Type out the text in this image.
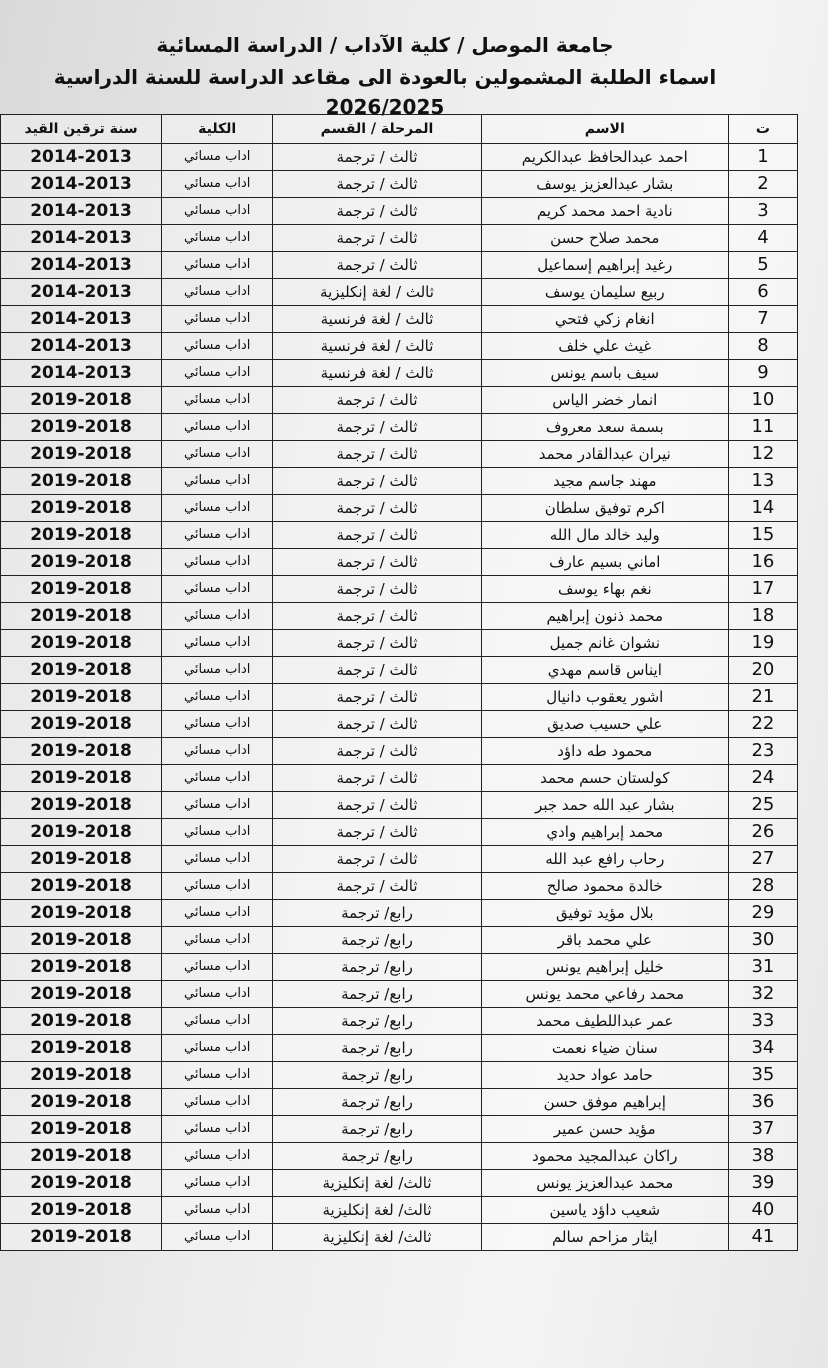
جامعة الموصل / كلية الآداب / الدراسة المسائية
اسماء الطلبة المشمولين بالعودة الى مقاعد الدراسة للسنة الدراسية 2026/2025
ت	الاسم	المرحلة / القسم	الكلية	سنة ترقين القيد
1	احمد عبدالحافظ عبدالكريم	ثالث / ترجمة	اداب مسائي	2014-2013
2	بشار عبدالعزيز يوسف	ثالث / ترجمة	اداب مسائي	2014-2013
3	نادية احمد محمد كريم	ثالث / ترجمة	اداب مسائي	2014-2013
4	محمد صلاح حسن	ثالث / ترجمة	اداب مسائي	2014-2013
5	رغيد إبراهيم إسماعيل	ثالث / ترجمة	اداب مسائي	2014-2013
6	ربيع سليمان يوسف	ثالث / لغة إنكليزية	اداب مسائي	2014-2013
7	انغام زكي فتحي	ثالث / لغة فرنسية	اداب مسائي	2014-2013
8	غيث علي خلف	ثالث / لغة فرنسية	اداب مسائي	2014-2013
9	سيف باسم يونس	ثالث / لغة فرنسية	اداب مسائي	2014-2013
10	انمار خضر الياس	ثالث / ترجمة	اداب مسائي	2019-2018
11	بسمة سعد معروف	ثالث / ترجمة	اداب مسائي	2019-2018
12	نيران عبدالقادر محمد	ثالث / ترجمة	اداب مسائي	2019-2018
13	مهند جاسم مجيد	ثالث / ترجمة	اداب مسائي	2019-2018
14	اكرم توفيق سلطان	ثالث / ترجمة	اداب مسائي	2019-2018
15	وليد خالد مال الله	ثالث / ترجمة	اداب مسائي	2019-2018
16	اماني بسيم عارف	ثالث / ترجمة	اداب مسائي	2019-2018
17	نغم بهاء يوسف	ثالث / ترجمة	اداب مسائي	2019-2018
18	محمد ذنون إبراهيم	ثالث / ترجمة	اداب مسائي	2019-2018
19	نشوان غانم جميل	ثالث / ترجمة	اداب مسائي	2019-2018
20	ايناس قاسم مهدي	ثالث / ترجمة	اداب مسائي	2019-2018
21	اشور يعقوب دانيال	ثالث / ترجمة	اداب مسائي	2019-2018
22	علي حسيب صديق	ثالث / ترجمة	اداب مسائي	2019-2018
23	محمود طه داؤد	ثالث / ترجمة	اداب مسائي	2019-2018
24	كولستان حسم محمد	ثالث / ترجمة	اداب مسائي	2019-2018
25	بشار عبد الله حمد جبر	ثالث / ترجمة	اداب مسائي	2019-2018
26	محمد إبراهيم وادي	ثالث / ترجمة	اداب مسائي	2019-2018
27	رحاب رافع عبد الله	ثالث / ترجمة	اداب مسائي	2019-2018
28	خالدة محمود صالح	ثالث / ترجمة	اداب مسائي	2019-2018
29	بلال مؤيد توفيق	رابع/ ترجمة	اداب مسائي	2019-2018
30	علي محمد باقر	رابع/ ترجمة	اداب مسائي	2019-2018
31	خليل إبراهيم يونس	رابع/ ترجمة	اداب مسائي	2019-2018
32	محمد رفاعي محمد يونس	رابع/ ترجمة	اداب مسائي	2019-2018
33	عمر عبداللطيف محمد	رابع/ ترجمة	اداب مسائي	2019-2018
34	سنان ضياء نعمت	رابع/ ترجمة	اداب مسائي	2019-2018
35	حامد عواد حديد	رابع/ ترجمة	اداب مسائي	2019-2018
36	إبراهيم موفق حسن	رابع/ ترجمة	اداب مسائي	2019-2018
37	مؤيد حسن عمير	رابع/ ترجمة	اداب مسائي	2019-2018
38	راكان عبدالمجيد محمود	رابع/ ترجمة	اداب مسائي	2019-2018
39	محمد عبدالعزيز يونس	ثالث/ لغة إنكليزية	اداب مسائي	2019-2018
40	شعيب داؤد ياسين	ثالث/ لغة إنكليزية	اداب مسائي	2019-2018
41	ايثار مزاحم سالم	ثالث/ لغة إنكليزية	اداب مسائي	2019-2018
